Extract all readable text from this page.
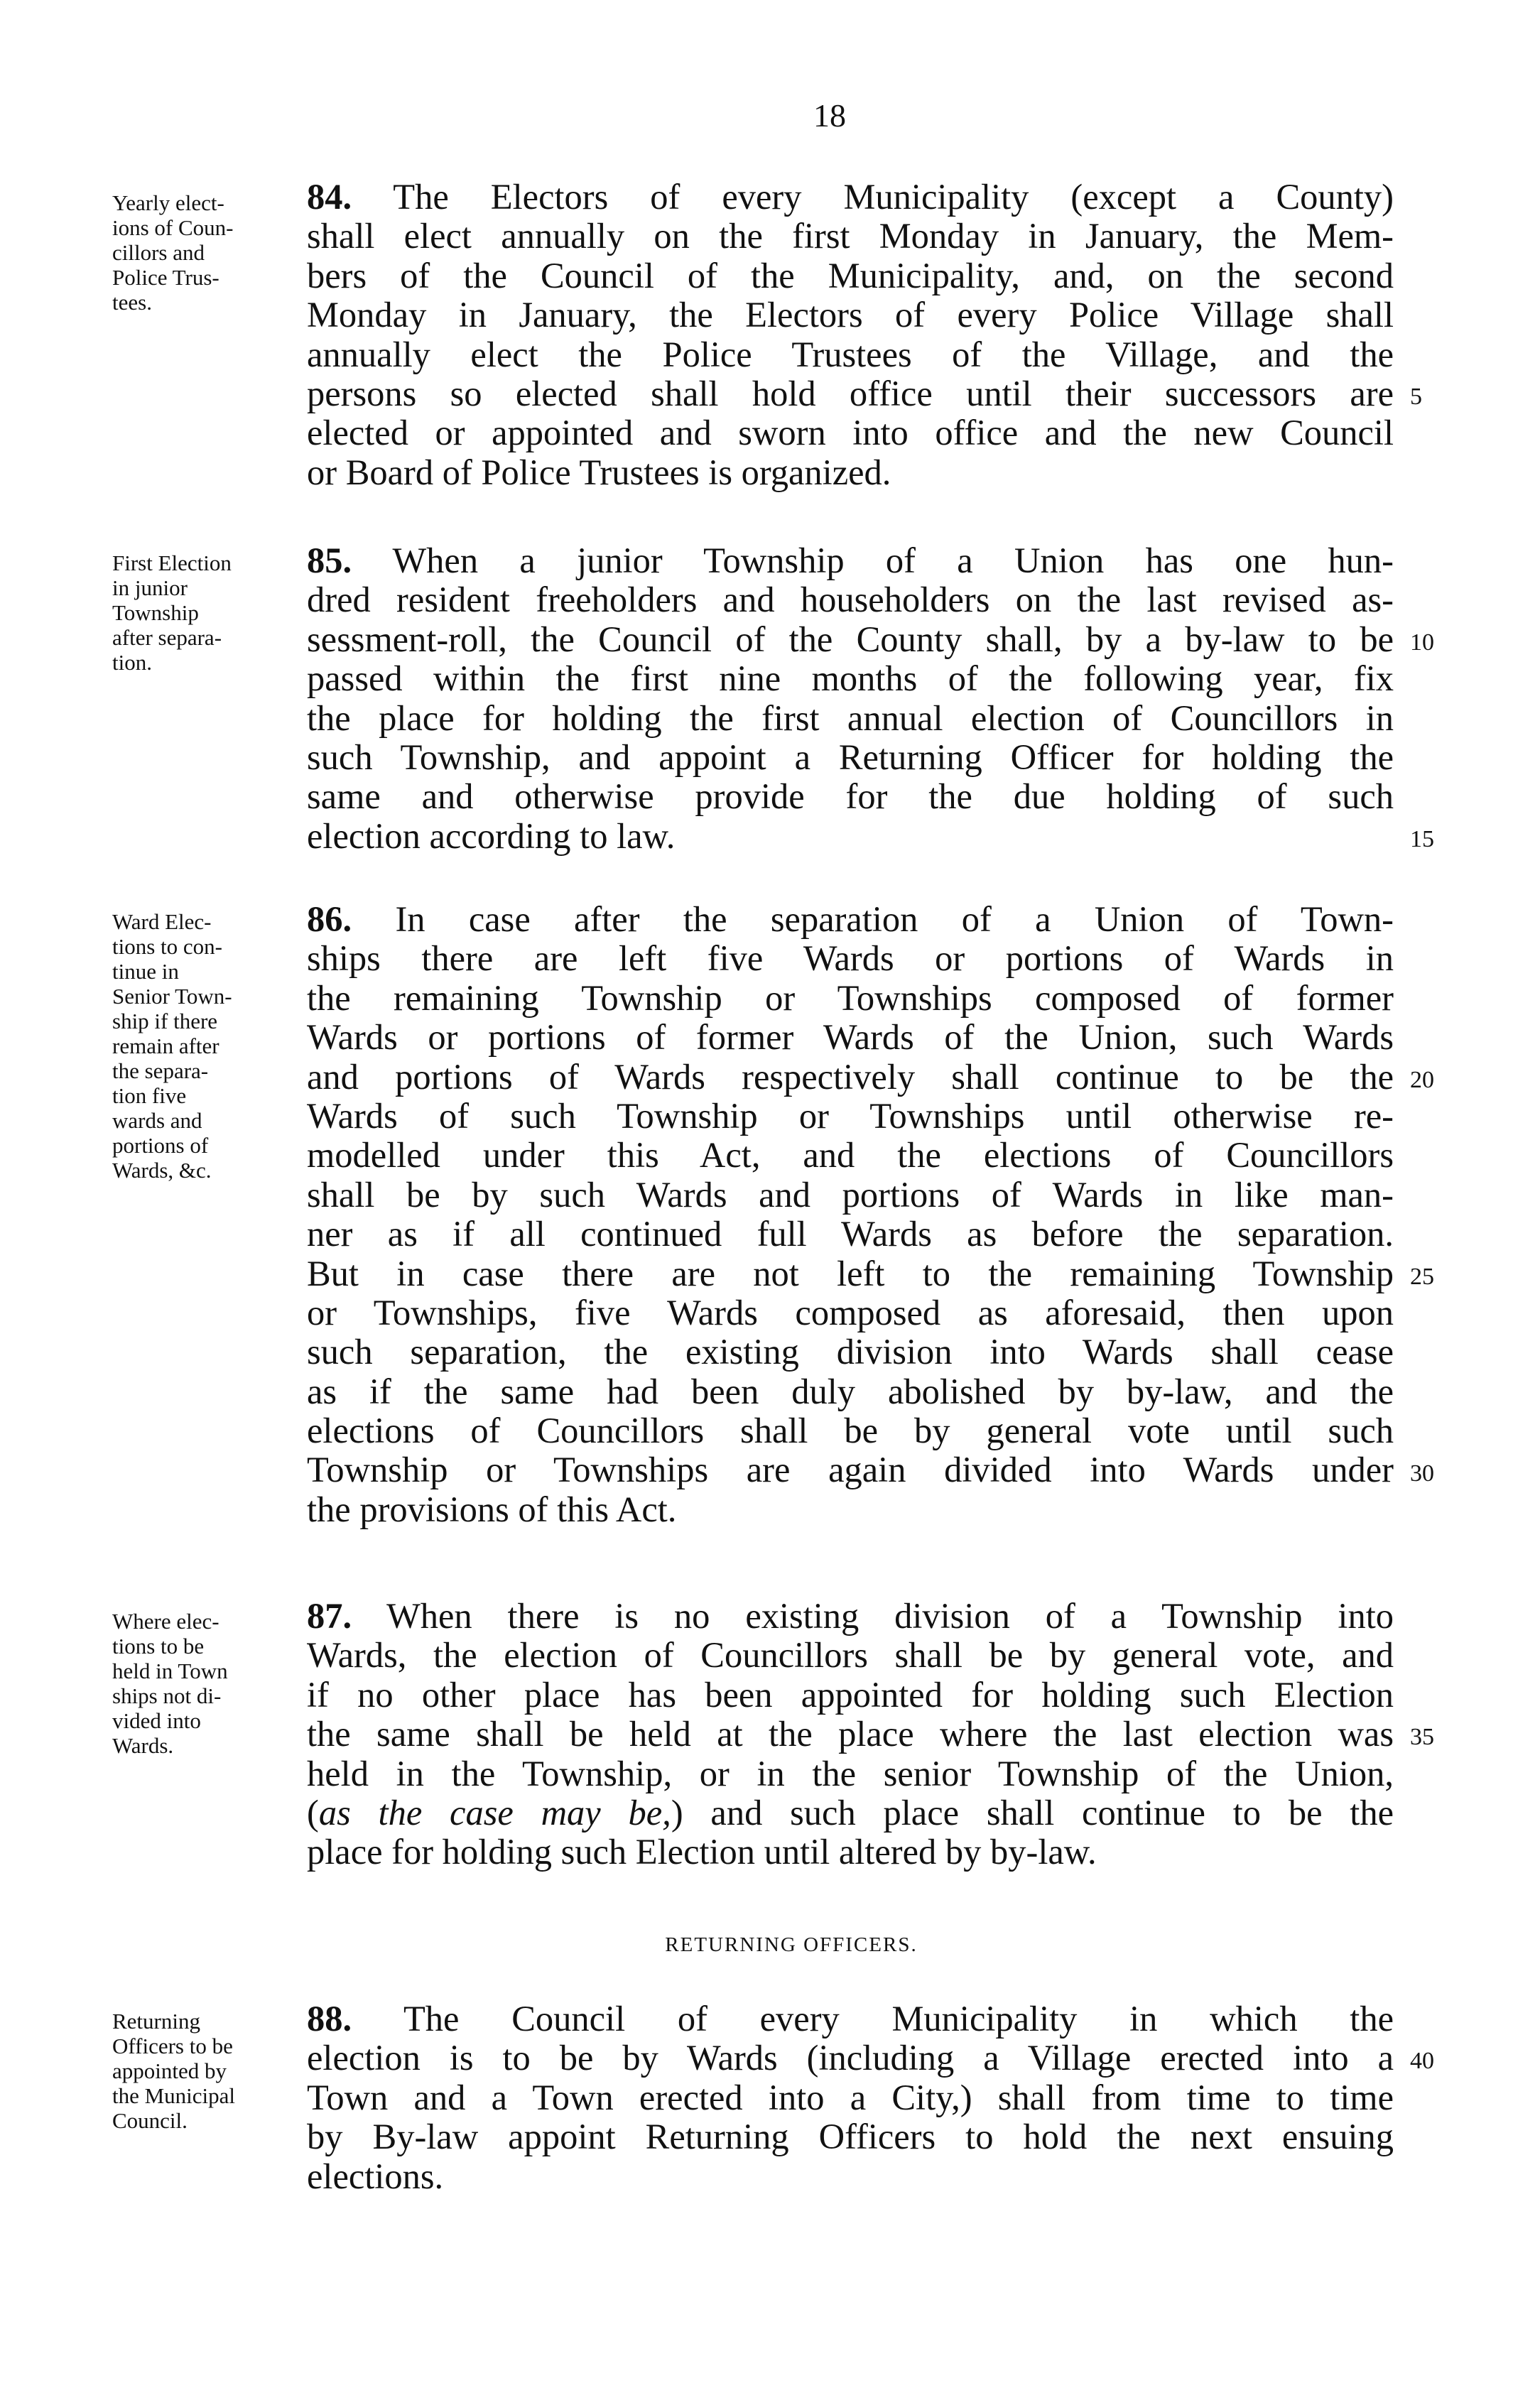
18
Yearly elect-
ions of Coun-
cillors and
Police Trus-
tees.
84. The Electors of every Municipality (except a County)
shall elect annually on the first Monday in January, the Mem-
bers of the Council of the Municipality, and, on the second
Monday in January, the Electors of every Police Village shall
annually elect the Police Trustees of the Village, and the
persons so elected shall hold office until their successors are
elected or appointed and sworn into office and the new Council
or Board of Police Trustees is organized.
5
First Election
in junior
Township
after separa-
tion.
85. When a junior Township of a Union has one hun-
dred resident freeholders and householders on the last revised as-
sessment-roll, the Council of the County shall, by a by-law to be
passed within the first nine months of the following year, fix
the place for holding the first annual election of Councillors in
such Township, and appoint a Returning Officer for holding the
same and otherwise provide for the due holding of such
election according to law.
10
15
Ward Elec-
tions to con-
tinue in
Senior Town-
ship if there
remain after
the separa-
tion five
wards and
portions of
Wards, &c.
86. In case after the separation of a Union of Town-
ships there are left five Wards or portions of Wards in
the remaining Township or Townships composed of former
Wards or portions of former Wards of the Union, such Wards
and portions of Wards respectively shall continue to be the
Wards of such Township or Townships until otherwise re-
modelled under this Act, and the elections of Councillors
shall be by such Wards and portions of Wards in like man-
ner as if all continued full Wards as before the separation.
But in case there are not left to the remaining Township
or Townships, five Wards composed as aforesaid, then upon
such separation, the existing division into Wards shall cease
as if the same had been duly abolished by by-law, and the
elections of Councillors shall be by general vote until such
Township or Townships are again divided into Wards under
the provisions of this Act.
20
25
30
Where elec-
tions to be
held in Town
ships not di-
vided into
Wards.
87. When there is no existing division of a Township into
Wards, the election of Councillors shall be by general vote, and
if no other place has been appointed for holding such Election
the same shall be held at the place where the last election was
held in the Township, or in the senior Township of the Union,
(as the case may be,) and such place shall continue to be the
place for holding such Election until altered by by-law.
35
RETURNING OFFICERS.
Returning
Officers to be
appointed by
the Municipal
Council.
88. The Council of every Municipality in which the
election is to be by Wards (including a Village erected into a
Town and a Town erected into a City,) shall from time to time
by By-law appoint Returning Officers to hold the next ensuing
elections.
40
